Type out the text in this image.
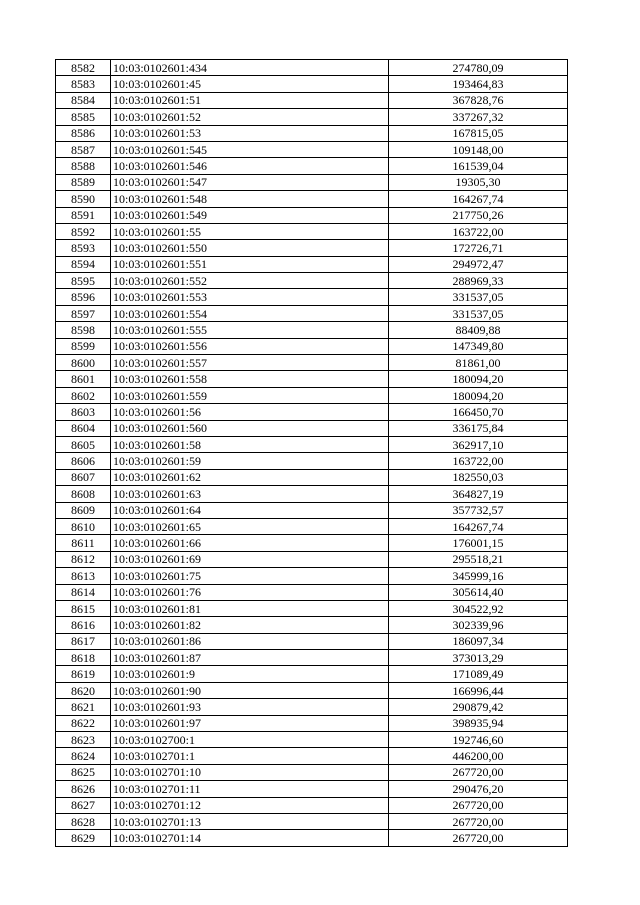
8582	10:03:0102601:434	274780,09
8583	10:03:0102601:45	193464,83
8584	10:03:0102601:51	367828,76
8585	10:03:0102601:52	337267,32
8586	10:03:0102601:53	167815,05
8587	10:03:0102601:545	109148,00
8588	10:03:0102601:546	161539,04
8589	10:03:0102601:547	19305,30
8590	10:03:0102601:548	164267,74
8591	10:03:0102601:549	217750,26
8592	10:03:0102601:55	163722,00
8593	10:03:0102601:550	172726,71
8594	10:03:0102601:551	294972,47
8595	10:03:0102601:552	288969,33
8596	10:03:0102601:553	331537,05
8597	10:03:0102601:554	331537,05
8598	10:03:0102601:555	88409,88
8599	10:03:0102601:556	147349,80
8600	10:03:0102601:557	81861,00
8601	10:03:0102601:558	180094,20
8602	10:03:0102601:559	180094,20
8603	10:03:0102601:56	166450,70
8604	10:03:0102601:560	336175,84
8605	10:03:0102601:58	362917,10
8606	10:03:0102601:59	163722,00
8607	10:03:0102601:62	182550,03
8608	10:03:0102601:63	364827,19
8609	10:03:0102601:64	357732,57
8610	10:03:0102601:65	164267,74
8611	10:03:0102601:66	176001,15
8612	10:03:0102601:69	295518,21
8613	10:03:0102601:75	345999,16
8614	10:03:0102601:76	305614,40
8615	10:03:0102601:81	304522,92
8616	10:03:0102601:82	302339,96
8617	10:03:0102601:86	186097,34
8618	10:03:0102601:87	373013,29
8619	10:03:0102601:9	171089,49
8620	10:03:0102601:90	166996,44
8621	10:03:0102601:93	290879,42
8622	10:03:0102601:97	398935,94
8623	10:03:0102700:1	192746,60
8624	10:03:0102701:1	446200,00
8625	10:03:0102701:10	267720,00
8626	10:03:0102701:11	290476,20
8627	10:03:0102701:12	267720,00
8628	10:03:0102701:13	267720,00
8629	10:03:0102701:14	267720,00
